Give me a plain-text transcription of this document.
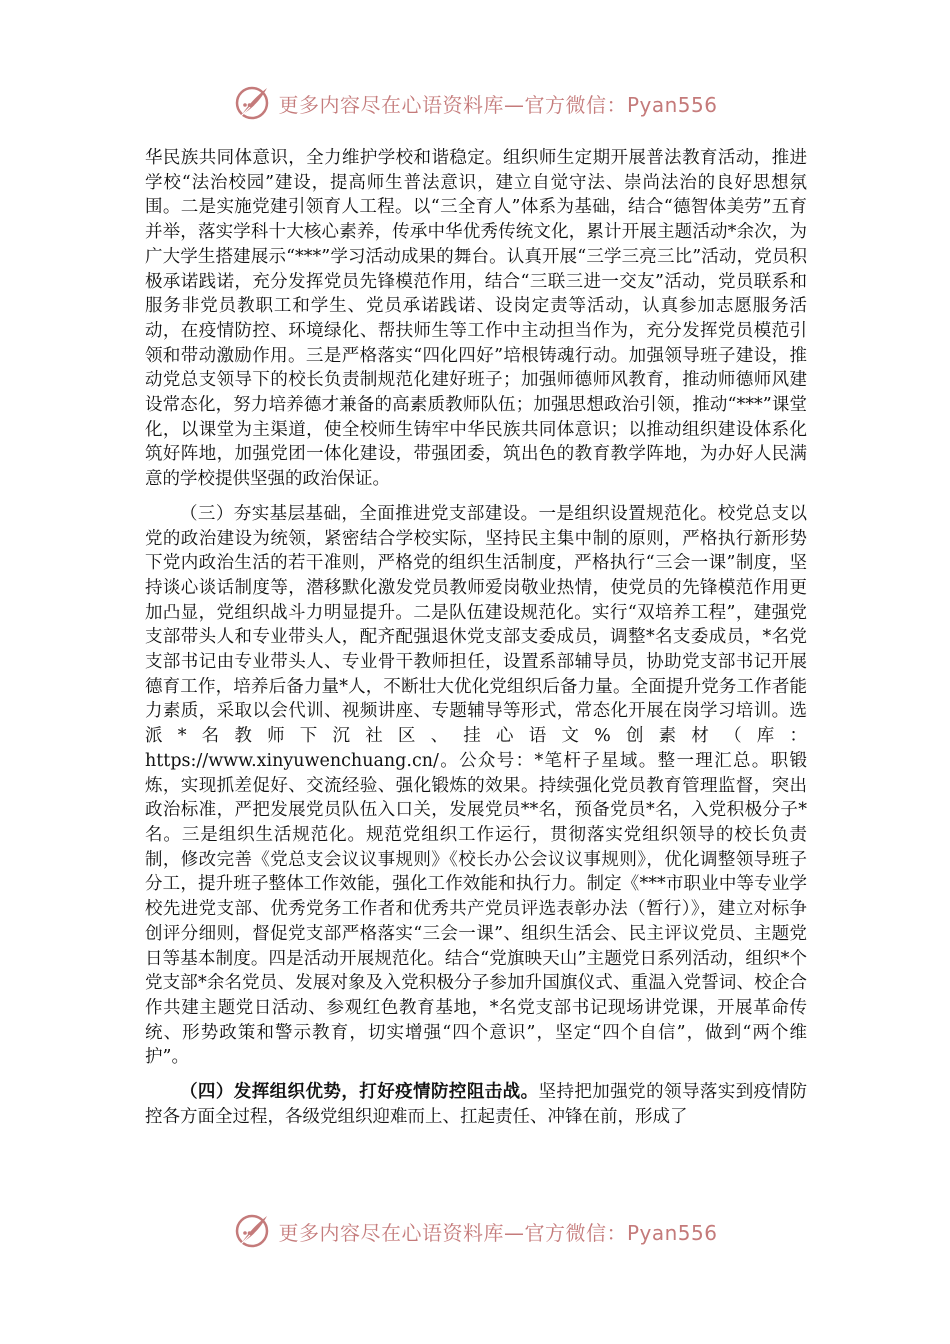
更多内容尽在心语资料库—官方微信：Pyan556

华民族共同体意识，全力维护学校和谐稳定。组织师生定期开展普法教育活动，推进学校“法治校园”建设，提高师生普法意识，建立自觉守法、崇尚法治的良好思想氛围。二是实施党建引领育人工程。以“三全育人”体系为基础，结合“德智体美劳”五育并举，落实学科十大核心素养，传承中华优秀传统文化，累计开展主题活动*余次，为广大学生搭建展示“***”学习活动成果的舞台。认真开展“三学三亮三比”活动，党员积极承诺践诺，充分发挥党员先锋模范作用，结合“三联三进一交友”活动，党员联系和服务非党员教职工和学生、党员承诺践诺、设岗定责等活动，认真参加志愿服务活动，在疫情防控、环境绿化、帮扶师生等工作中主动担当作为，充分发挥党员模范引领和带动激励作用。三是严格落实“四化四好”培根铸魂行动。加强领导班子建设，推动党总支领导下的校长负责制规范化建好班子；加强师德师风教育，推动师德师风建设常态化，努力培养德才兼备的高素质教师队伍；加强思想政治引领，推动“***”课堂化，以课堂为主渠道，使全校师生铸牢中华民族共同体意识；以推动组织建设体系化筑好阵地，加强党团一体化建设，带强团委，筑出色的教育教学阵地，为办好人民满意的学校提供坚强的政治保证。

（三）夯实基层基础，全面推进党支部建设。一是组织设置规范化。校党总支以党的政治建设为统领，紧密结合学校实际，坚持民主集中制的原则，严格执行新形势下党内政治生活的若干准则，严格党的组织生活制度，严格执行“三会一课”制度，坚持谈心谈话制度等，潜移默化激发党员教师爱岗敬业热情，使党员的先锋模范作用更加凸显，党组织战斗力明显提升。二是队伍建设规范化。实行“双培养工程”，建强党支部带头人和专业带头人，配齐配强退休党支部支委成员，调整*名支委成员，*名党支部书记由专业带头人、专业骨干教师担任，设置系部辅导员，协助党支部书记开展德育工作，培养后备力量*人，不断壮大优化党组织后备力量。全面提升党务工作者能力素质，采取以会代训、视频讲座、专题辅导等形式，常态化开展在岗学习培训。选派*名教师下沉社区、挂心语文%创素材（库：https://www.xinyuwenchuang.cn/。公众号：*笔杆子星域。整一理汇总。职锻炼，实现抓差促好、交流经验、强化锻炼的效果。持续强化党员教育管理监督，突出政治标准，严把发展党员队伍入口关，发展党员**名，预备党员*名，入党积极分子*名。三是组织生活规范化。规范党组织工作运行，贯彻落实党组织领导的校长负责制，修改完善《党总支会议议事规则》《校长办公会议议事规则》，优化调整领导班子分工，提升班子整体工作效能，强化工作效能和执行力。制定《***市职业中等专业学校先进党支部、优秀党务工作者和优秀共产党员评选表彰办法（暂行）》，建立对标争创评分细则，督促党支部严格落实“三会一课”、组织生活会、民主评议党员、主题党日等基本制度。四是活动开展规范化。结合“党旗映天山”主题党日系列活动，组织*个党支部*余名党员、发展对象及入党积极分子参加升国旗仪式、重温入党誓词、校企合作共建主题党日活动、参观红色教育基地，*名党支部书记现场讲党课，开展革命传统、形势政策和警示教育，切实增强“四个意识”，坚定“四个自信”，做到“两个维护”。

（四）发挥组织优势，打好疫情防控阻击战。坚持把加强党的领导落实到疫情防控各方面全过程，各级党组织迎难而上、扛起责任、冲锋在前，形成了

更多内容尽在心语资料库—官方微信：Pyan556
